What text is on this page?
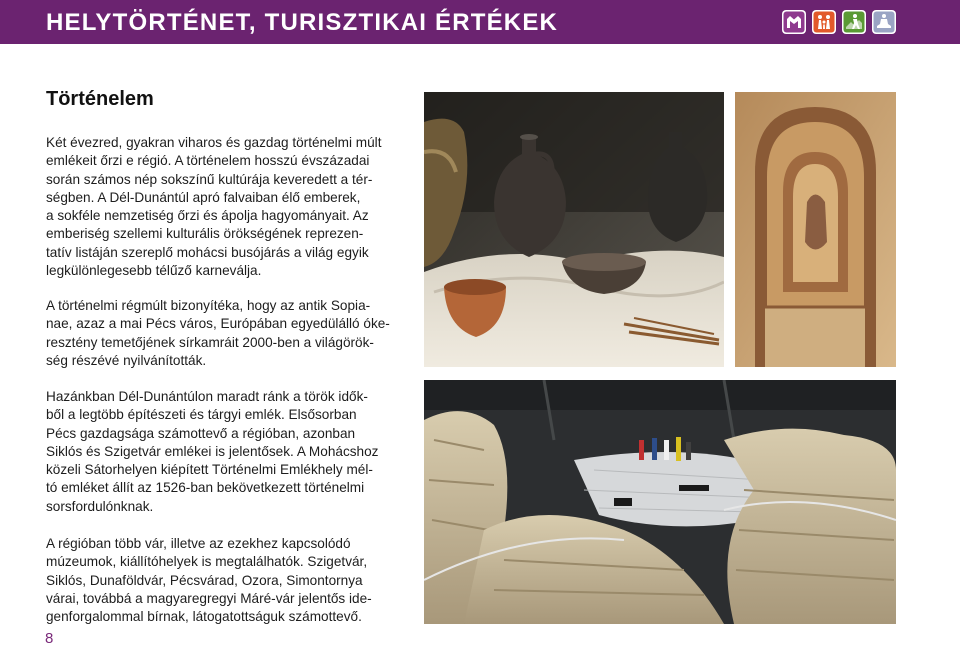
HELYTÖRTÉNET, TURISZTIKAI ÉRTÉKEK
Történelem
Két évezred, gyakran viharos és gazdag történelmi múlt
emlékeit őrzi e régió. A történelem hosszú évszázadai
során számos nép sokszínű kultúrája keveredett a tér-
ségben. A Dél-Dunántúl apró falvaiban élő emberek,
a sokféle nemzetiség őrzi és ápolja hagyományait. Az
emberiség szellemi kulturális örökségének reprezen-
tatív listáján szereplő mohácsi busójárás a világ egyik
legkülönlegesebb télűző karneválja.
A történelmi régmúlt bizonyítéka, hogy az antik Sopia-
nae, azaz a mai Pécs város, Európában egyedülálló óke-
resztény temetőjének sírkamráit 2000-ben a világörök-
ség részévé nyilvánították.
Hazánkban Dél-Dunántúlon maradt ránk a török idők-
ből a legtöbb építészeti és tárgyi emlék. Elsősorban
Pécs gazdagsága számottevő a régióban, azonban
Siklós és Szigetvár emlékei is jelentősek. A Mohácshoz
közeli Sátorhelyen kiépített Történelmi Emlékhely mél-
tó emléket állít az 1526-ban bekövetkezett történelmi
sorsfordulónknak.
A régióban több vár, illetve az ezekhez kapcsolódó
múzeumok, kiállítóhelyek is megtalálhatók. Szigetvár,
Siklós, Dunaföldvár, Pécsvárad, Ozora, Simontornya
várai, továbbá a magyaregregyi Máré-vár jelentős ide-
genforgalommal bírnak, látogatottságuk számottevő.
8
